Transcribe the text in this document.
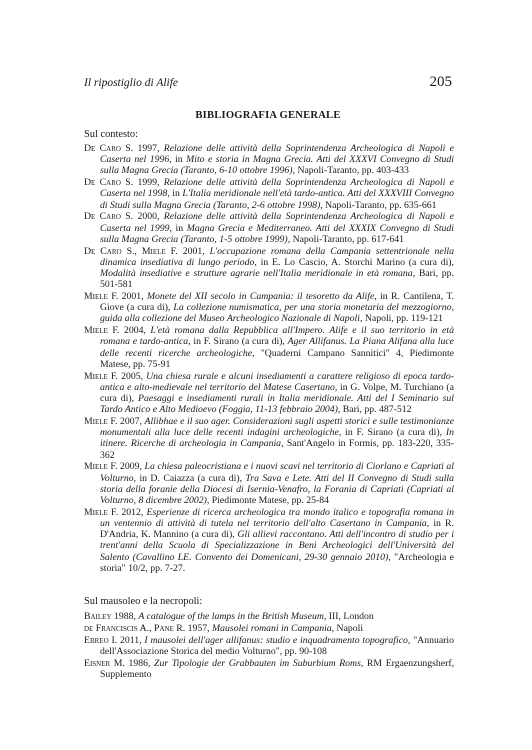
Il ripostiglio di Alife	205
BIBLIOGRAFIA GENERALE
Sul contesto:

De Caro S. 1997, Relazione delle attività della Soprintendenza Archeologica di Napoli e Caserta nel 1996, in Mito e storia in Magna Grecia. Atti del XXXVI Convegno di Studi sulla Magna Grecia (Taranto, 6-10 ottobre 1996), Napoli-Taranto, pp. 403-433

De Caro S. 1999, Relazione delle attività della Soprintendenza Archeologica di Napoli e Caserta nel 1998, in L'Italia meridionale nell'età tardo-antica. Atti del XXXVIII Convegno di Studi sulla Magna Grecia (Taranto, 2-6 ottobre 1998), Napoli-Taranto, pp. 635-661

De Caro S. 2000, Relazione delle attività della Soprintendenza Archeologica di Napoli e Caserta nel 1999, in Magna Grecia e Mediterraneo. Atti del XXXIX Convegno di Studi sulla Magna Grecia (Taranto, 1-5 ottobre 1999), Napoli-Taranto, pp. 617-641

De Caro S., Miele F. 2001, L'occupazione romana della Campania settentrionale nella dinamica insediativa di lungo periodo, in E. Lo Cascio, A. Storchi Marino (a cura di), Modalità insediative e strutture agrarie nell'Italia meridionale in età romana, Bari, pp. 501-581

Miele F. 2001, Monete del XII secolo in Campania: il tesoretto da Alife, in R. Cantilena, T. Giove (a cura di), La collezione numismatica, per una storia monetaria del mezzogiorno, guida alla collezione del Museo Archeologico Nazionale di Napoli, Napoli, pp. 119-121

Miele F. 2004, L'età romana dalla Repubblica all'Impero. Alife e il suo territorio in età romana e tardo-antica, in F. Sirano (a cura di), Ager Allifanus. La Piana Alifana alla luce delle recenti ricerche archeologiche, "Quaderni Campano Sannitici" 4, Piedimonte Matese, pp. 75-91

Miele F. 2005, Una chiesa rurale e alcuni insediamenti a carattere religioso di epoca tardo-antica e alto-medievale nel territorio del Matese Casertano, in G. Volpe, M. Turchiano (a cura di), Paesaggi e insediamenti rurali in Italia meridionale. Atti del I Seminario sul Tardo Antico e Alto Medioevo (Foggia, 11-13 febbraio 2004), Bari, pp. 487-512

Miele F. 2007, Allibhae e il suo ager. Considerazioni sugli aspetti storici e sulle testimonianze monumentali alla luce delle recenti indagini archeologiche, in F. Sirano (a cura di), In itinere. Ricerche di archeologia in Campania, Sant'Angelo in Formis, pp. 183-220, 335-362

Miele F. 2009, La chiesa paleocristiana e i nuovi scavi nel territorio di Ciorlano e Capriati al Volturno, in D. Caiazza (a cura di), Tra Sava e Lete. Atti del II Convegno di Studi sulla storia della foranie della Diocesi di Isernia-Venafro, la Forania di Capriati (Capriati al Volturno, 8 dicembre 2002), Piedimonte Matese, pp. 25-84

Miele F. 2012, Esperienze di ricerca archeologica tra mondo italico e topografia romana in un ventennio di attività di tutela nel territorio dell'alto Casertano in Campania, in R. D'Andria, K. Mannino (a cura di), Gli allievi raccontano. Atti dell'incontro di studio per i trent'anni della Scuola di Specializzazione in Beni Archeologici dell'Università del Salento (Cavallino LE. Convento dei Domenicani, 29-30 gennaio 2010), "Archeologia e storia" 10/2, pp. 7-27.

Sul mausoleo e la necropoli:

Bailey 1988, A catalogue of the lamps in the British Museum, III, London

de Franciscis A., Pane R. 1957, Mausolei romani in Campania, Napoli

Ebreo I. 2011, I mausolei dell'ager allifanus: studio e inquadramento topografico, "Annuario dell'Associazione Storica del medio Volturno", pp. 90-108

Eisner M. 1986, Zur Tipologie der Grabbauten im Suburbium Roms, RM Ergaenzungsherf, Supplemento
